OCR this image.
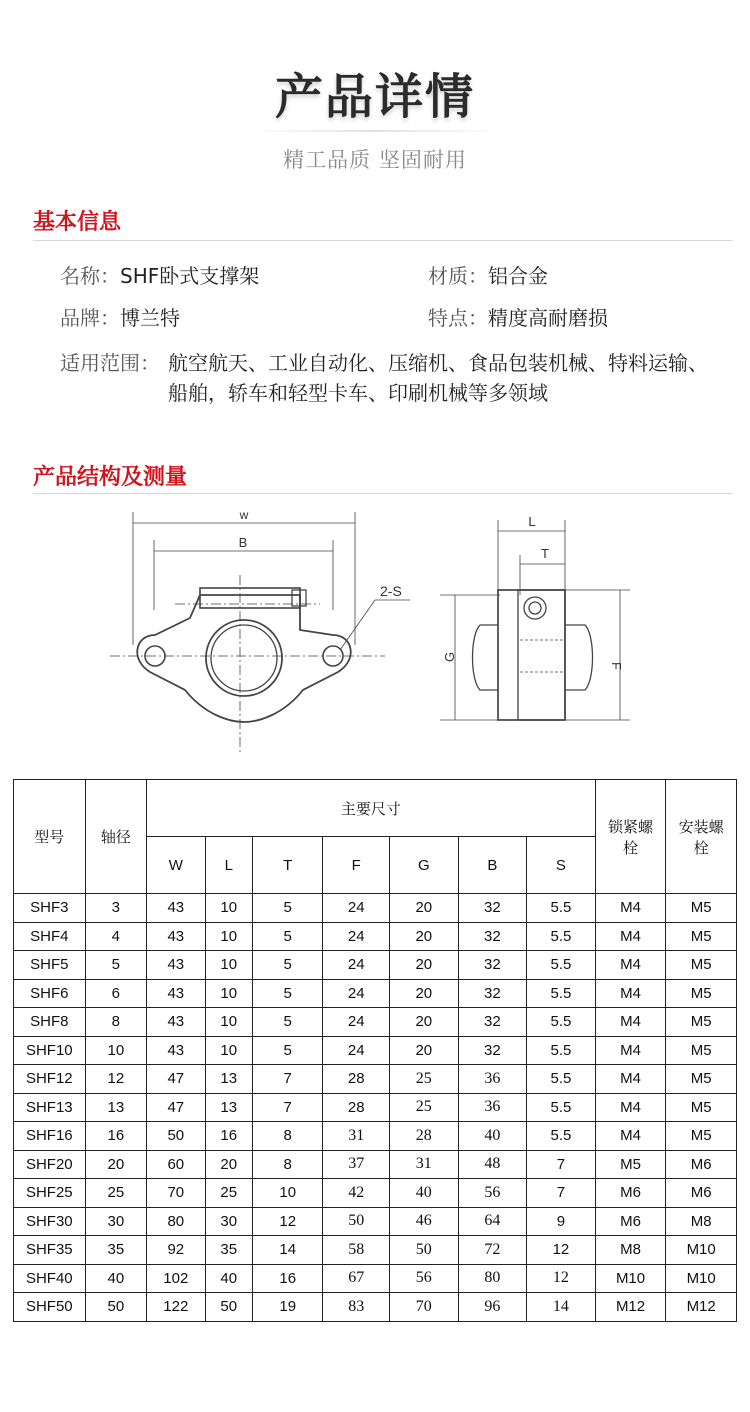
产品详情
精工品质 坚固耐用
基本信息
名称：SHF卧式支撑架	材质：铝合金
品牌：博兰特	特点：精度高耐磨损
适用范围： 航空航天、工业自动化、压缩机、食品包装机械、特料运输、船舶，轿车和轻型卡车、印刷机械等多领域
产品结构及测量
w
B
2-S
L
T
G
F
型号	轴径	主要尺寸							锁紧螺栓	安装螺栓
		W	L	T	F	G	B	S		
SHF3	3	43	10	5	24	20	32	5.5	M4	M5
SHF4	4	43	10	5	24	20	32	5.5	M4	M5
SHF5	5	43	10	5	24	20	32	5.5	M4	M5
SHF6	6	43	10	5	24	20	32	5.5	M4	M5
SHF8	8	43	10	5	24	20	32	5.5	M4	M5
SHF10	10	43	10	5	24	20	32	5.5	M4	M5
SHF12	12	47	13	7	28	25	36	5.5	M4	M5
SHF13	13	47	13	7	28	25	36	5.5	M4	M5
SHF16	16	50	16	8	31	28	40	5.5	M4	M5
SHF20	20	60	20	8	37	31	48	7	M5	M6
SHF25	25	70	25	10	42	40	56	7	M6	M6
SHF30	30	80	30	12	50	46	64	9	M6	M8
SHF35	35	92	35	14	58	50	72	12	M8	M10
SHF40	40	102	40	16	67	56	80	12	M10	M10
SHF50	50	122	50	19	83	70	96	14	M12	M12
